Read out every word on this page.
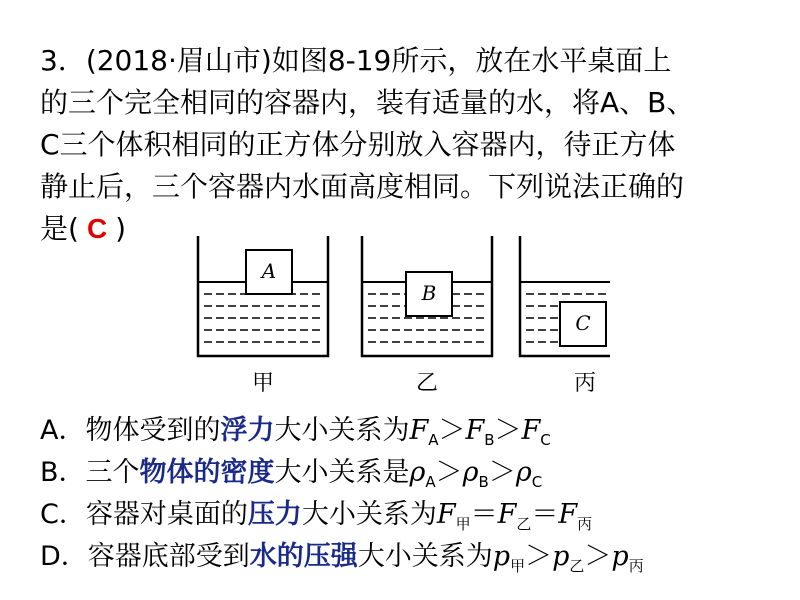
3．(2018·眉山市)如图8-19所示，放在水平桌面上
的三个完全相同的容器内，装有适量的水，将A、B、
C三个体积相同的正方体分别放入容器内，待正方体
静止后，三个容器内水面高度相同。下列说法正确的
是( C )
A
甲
B
乙
C
丙
A．物体受到的浮力大小关系为$F_A>F_B>F_C$
B．三个物体的密度大小关系是$\rho_A>\rho_B>\rho_C$
C．容器对桌面的压力大小关系为$F_甲=F_乙=F_丙$
D．容器底部受到水的压强大小关系为$p_甲>p_乙>p_丙$
